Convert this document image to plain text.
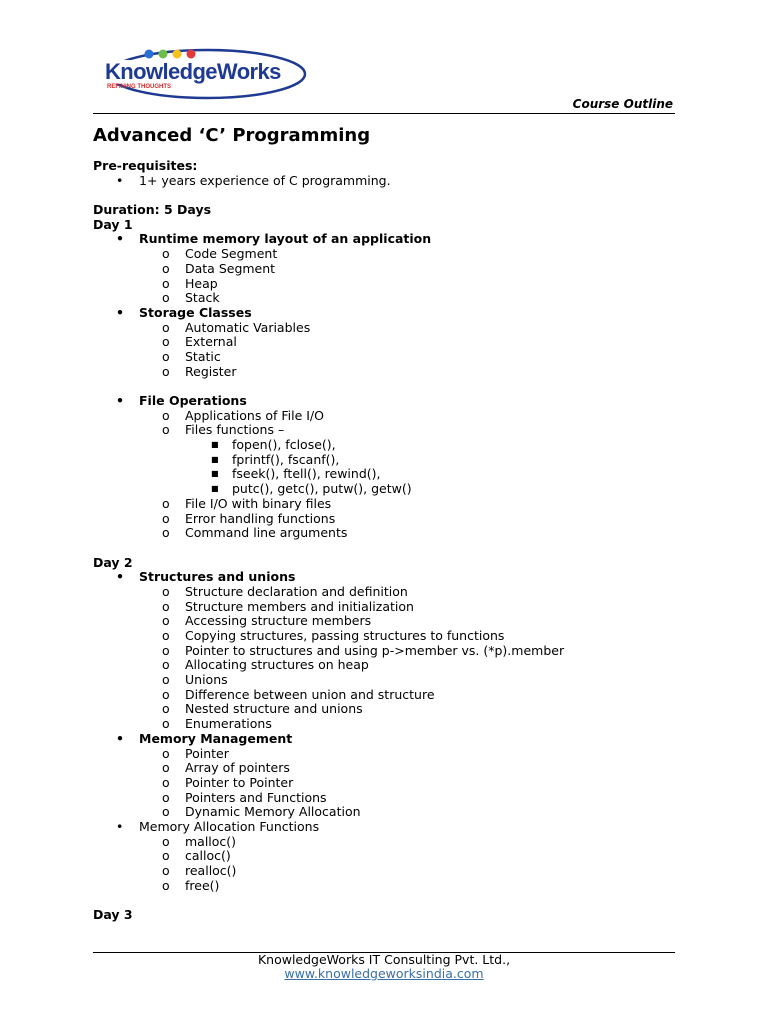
KnowledgeWorks
REFINING THOUGHTS
Course Outline
Advanced ‘C’ Programming
Pre-requisites:
• 1+ years experience of C programming.
Duration: 5 Days
Day 1
• Runtime memory layout of an application
o Code Segment
o Data Segment
o Heap
o Stack
• Storage Classes
o Automatic Variables
o External
o Static
o Register
• File Operations
o Applications of File I/O
o Files functions –
■ fopen(), fclose(),
■ fprintf(), fscanf(),
■ fseek(), ftell(), rewind(),
■ putc(), getc(), putw(), getw()
o File I/O with binary files
o Error handling functions
o Command line arguments
Day 2
• Structures and unions
o Structure declaration and definition
o Structure members and initialization
o Accessing structure members
o Copying structures, passing structures to functions
o Pointer to structures and using p->member vs. (*p).member
o Allocating structures on heap
o Unions
o Difference between union and structure
o Nested structure and unions
o Enumerations
• Memory Management
o Pointer
o Array of pointers
o Pointer to Pointer
o Pointers and Functions
o Dynamic Memory Allocation
• Memory Allocation Functions
o malloc()
o calloc()
o realloc()
o free()
Day 3
KnowledgeWorks IT Consulting Pvt. Ltd.,
www.knowledgeworksindia.com
